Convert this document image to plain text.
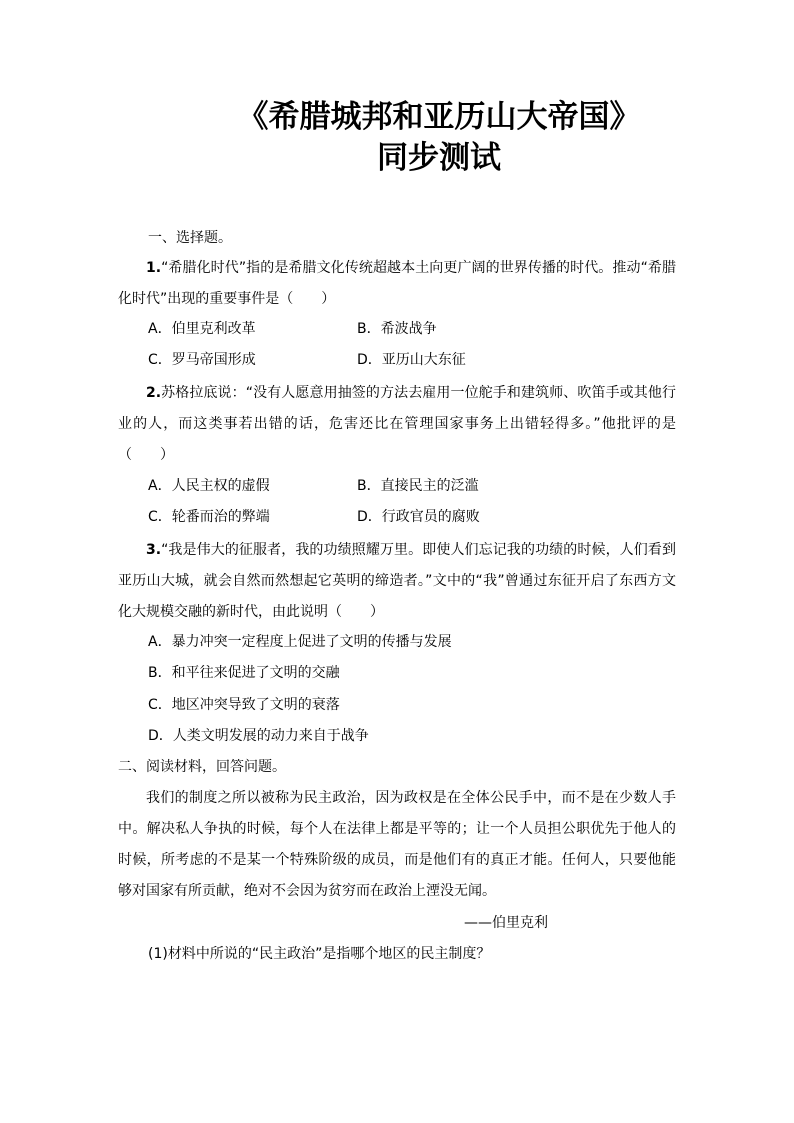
《希腊城邦和亚历山大帝国》
同步测试
一、选择题。
1.“希腊化时代”指的是希腊文化传统超越本土向更广阔的世界传播的时代。推动“希腊化时代”出现的重要事件是（　　）
A．伯里克利改革	B．希波战争
C．罗马帝国形成	D．亚历山大东征
2.苏格拉底说：“没有人愿意用抽签的方法去雇用一位舵手和建筑师、吹笛手或其他行业的人，而这类事若出错的话，危害还比在管理国家事务上出错轻得多。”他批评的是（　　）
A．人民主权的虚假	B．直接民主的泛滥
C．轮番而治的弊端	D．行政官员的腐败
3.“我是伟大的征服者，我的功绩照耀万里。即使人们忘记我的功绩的时候，人们看到亚历山大城，就会自然而然想起它英明的缔造者。”文中的“我”曾通过东征开启了东西方文化大规模交融的新时代，由此说明（　　）
A．暴力冲突一定程度上促进了文明的传播与发展
B．和平往来促进了文明的交融
C．地区冲突导致了文明的衰落
D．人类文明发展的动力来自于战争
二、阅读材料，回答问题。
我们的制度之所以被称为民主政治，因为政权是在全体公民手中，而不是在少数人手中。解决私人争执的时候，每个人在法律上都是平等的；让一个人员担公职优先于他人的时候，所考虑的不是某一个特殊阶级的成员，而是他们有的真正才能。任何人，只要他能够对国家有所贡献，绝对不会因为贫穷而在政治上湮没无闻。
——伯里克利
(1)材料中所说的“民主政治”是指哪个地区的民主制度？
